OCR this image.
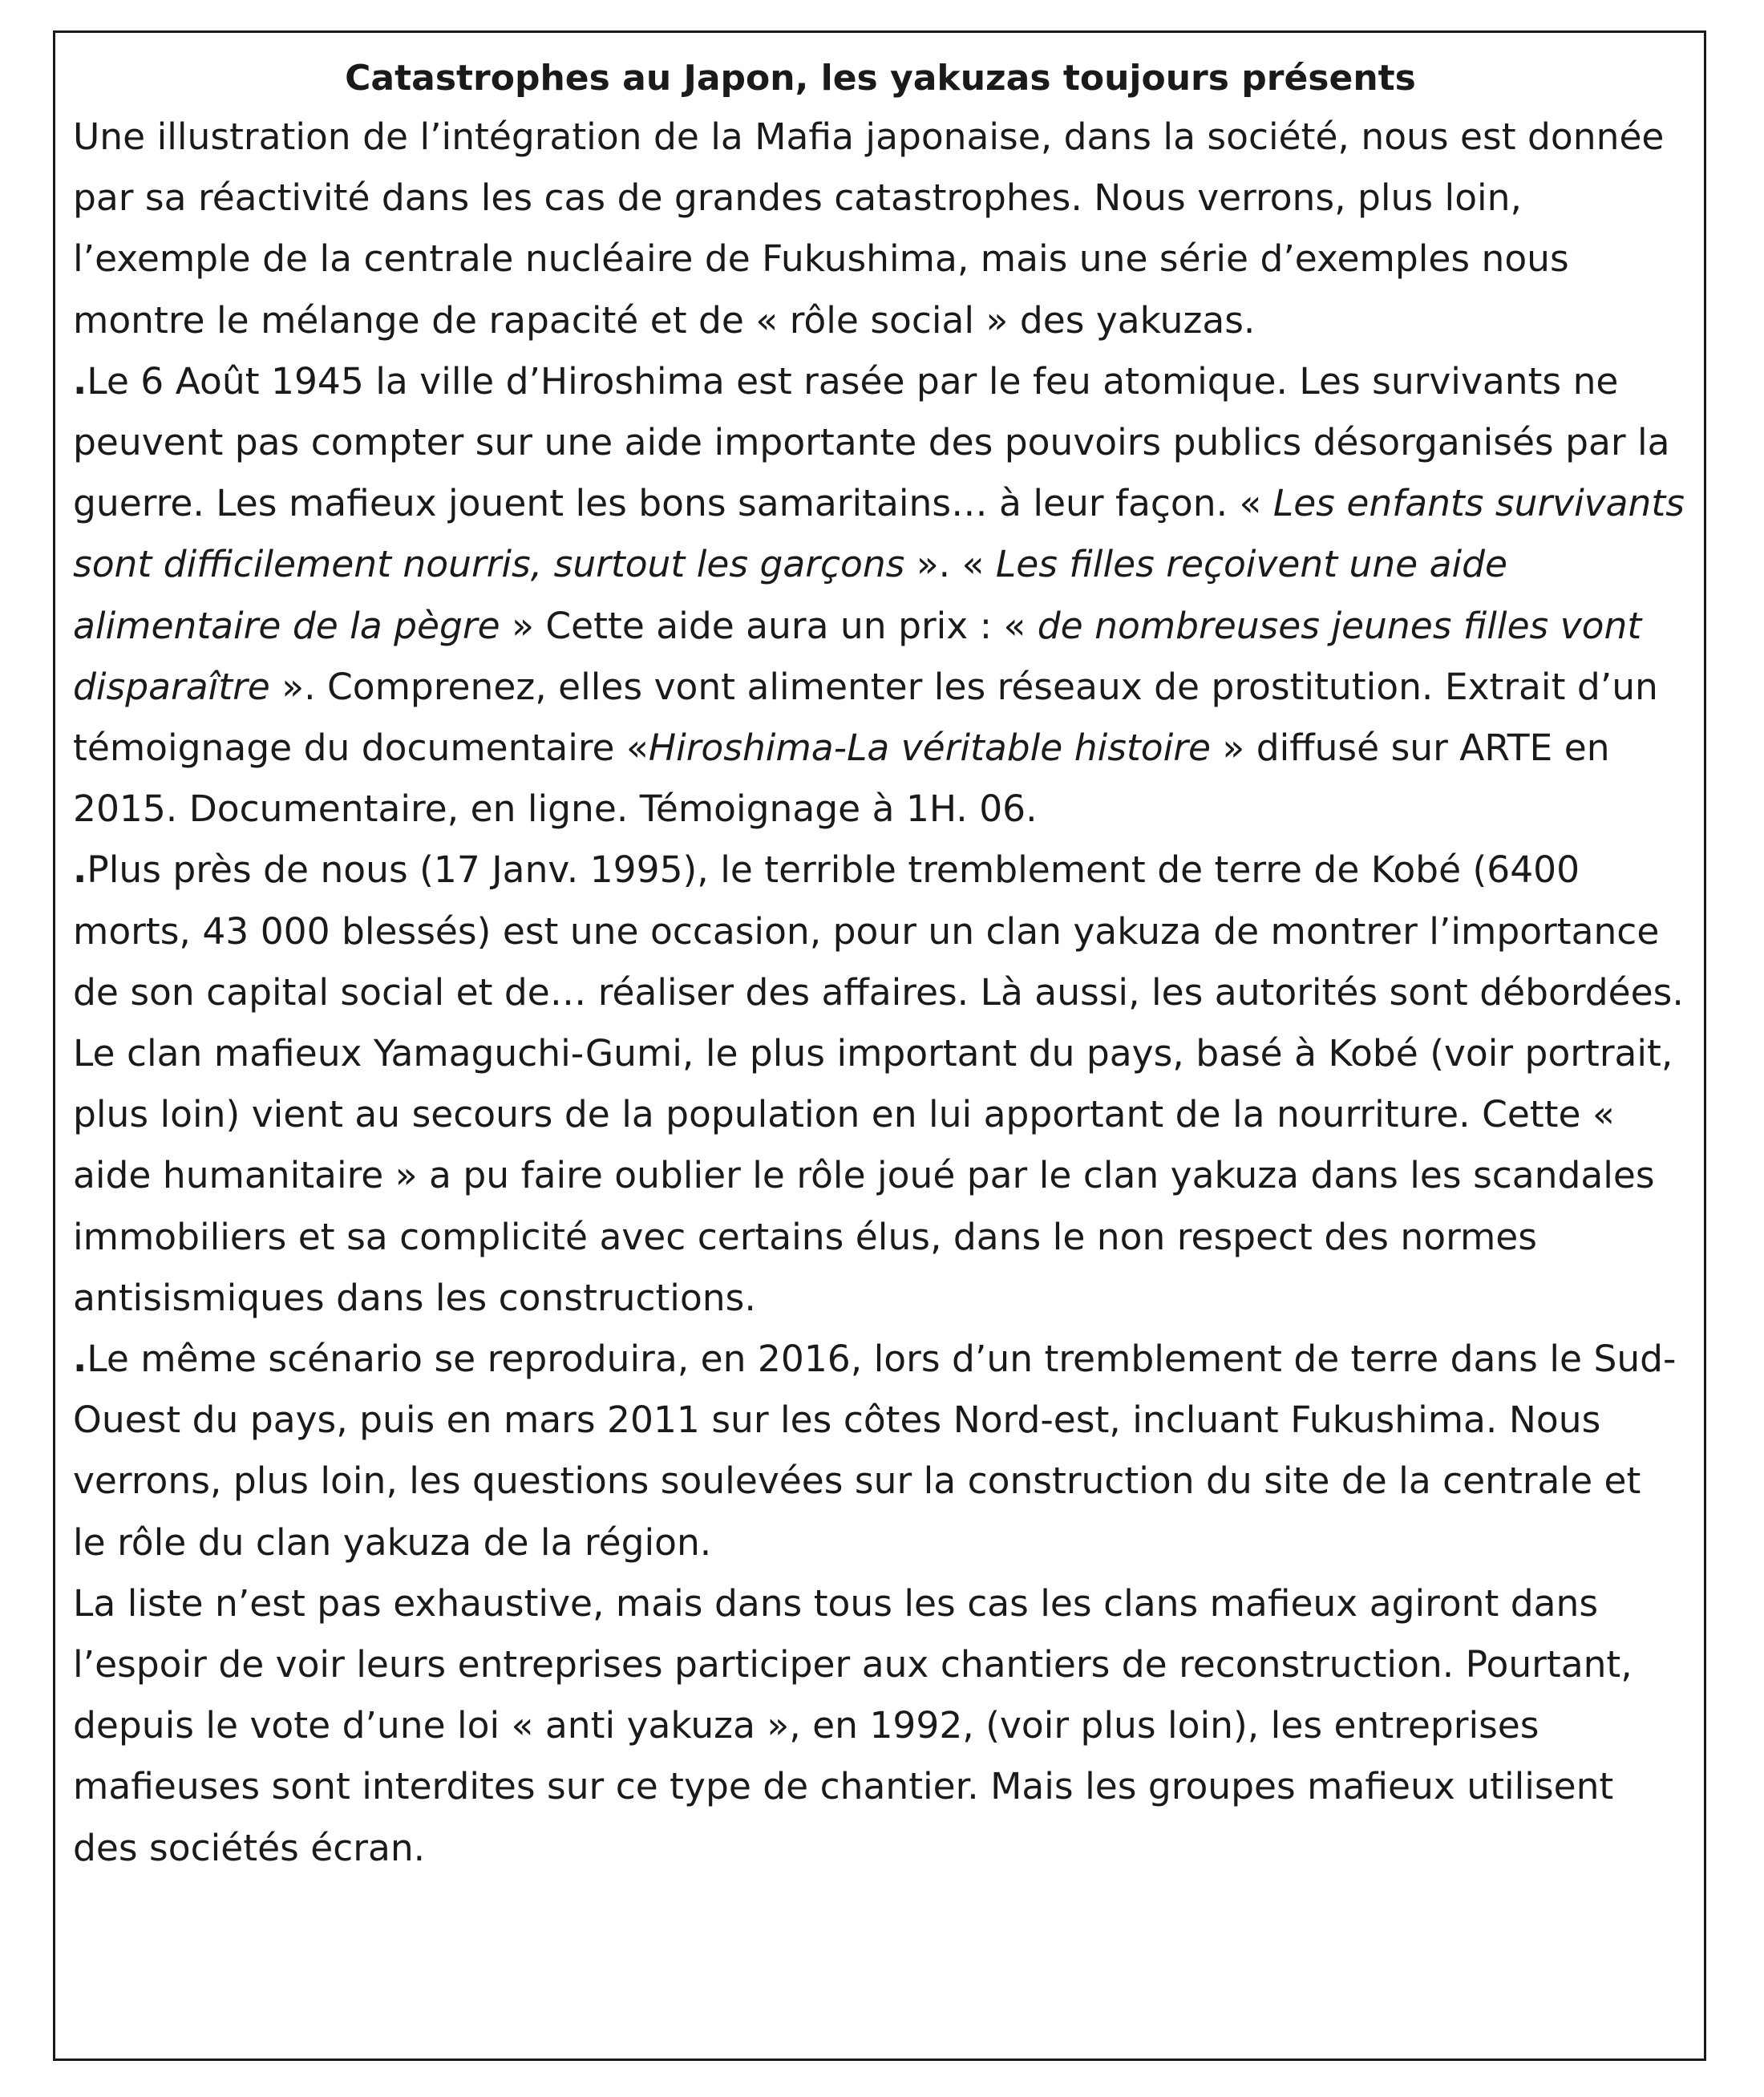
Catastrophes au Japon, les yakuzas toujours présents

Une illustration de l’intégration de la Mafia japonaise, dans la société, nous est donnée par sa réactivité dans les cas de grandes catastrophes. Nous verrons, plus loin, l’exemple de la centrale nucléaire de Fukushima, mais une série d’exemples nous montre le mélange de rapacité et de « rôle social » des yakuzas.

.Le 6 Août 1945 la ville d’Hiroshima est rasée par le feu atomique. Les survivants ne peuvent pas compter sur une aide importante des pouvoirs publics désorganisés par la guerre. Les mafieux jouent les bons samaritains… à leur façon. « Les enfants survivants sont difficilement nourris, surtout les garçons ». « Les filles reçoivent une aide alimentaire de la pègre » Cette aide aura un prix : « de nombreuses jeunes filles vont disparaître ». Comprenez, elles vont alimenter les réseaux de prostitution. Extrait d’un témoignage du documentaire «Hiroshima-La véritable histoire » diffusé sur ARTE en 2015. Documentaire, en ligne. Témoignage à 1H. 06.

.Plus près de nous (17 Janv. 1995), le terrible tremblement de terre de Kobé (6400 morts, 43 000 blessés) est une occasion, pour un clan yakuza de montrer l’importance de son capital social et de… réaliser des affaires. Là aussi, les autorités sont débordées. Le clan mafieux Yamaguchi-Gumi, le plus important du pays, basé à Kobé (voir portrait, plus loin) vient au secours de la population en lui apportant de la nourriture. Cette « aide humanitaire » a pu faire oublier le rôle joué par le clan yakuza dans les scandales immobiliers et sa complicité avec certains élus, dans le non respect des normes antisismiques dans les constructions.

.Le même scénario se reproduira, en 2016, lors d’un tremblement de terre dans le Sud-Ouest du pays, puis en mars 2011 sur les côtes Nord-est, incluant Fukushima. Nous verrons, plus loin, les questions soulevées sur la construction du site de la centrale et le rôle du clan yakuza de la région.

La liste n’est pas exhaustive, mais dans tous les cas les clans mafieux agiront dans l’espoir de voir leurs entreprises participer aux chantiers de reconstruction. Pourtant, depuis le vote d’une loi « anti yakuza », en 1992, (voir plus loin), les entreprises mafieuses sont interdites sur ce type de chantier. Mais les groupes mafieux utilisent des sociétés écran.
